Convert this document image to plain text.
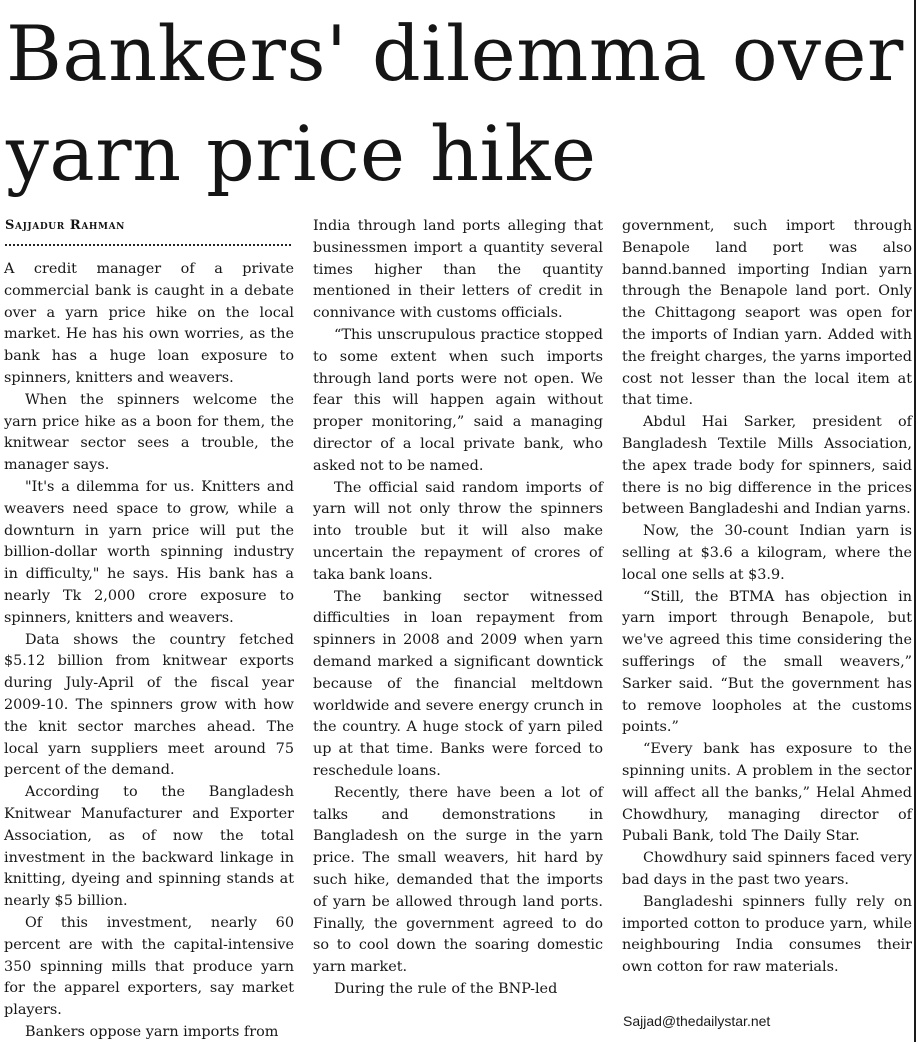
Bankers' dilemma over yarn price hike
Sajjadur Rahman

A credit manager of a private commercial bank is caught in a debate over a yarn price hike on the local market. He has his own worries, as the bank has a huge loan exposure to spinners, knitters and weavers.

When the spinners welcome the yarn price hike as a boon for them, the knitwear sector sees a trouble, the manager says.

"It's a dilemma for us. Knitters and weavers need space to grow, while a downturn in yarn price will put the billion-dollar worth spinning industry in difficulty," he says. His bank has a nearly Tk 2,000 crore exposure to spinners, knitters and weavers.

Data shows the country fetched $5.12 billion from knitwear exports during July-April of the fiscal year 2009-10. The spinners grow with how the knit sector marches ahead. The local yarn suppliers meet around 75 percent of the demand.

According to the Bangladesh Knitwear Manufacturer and Exporter Association, as of now the total investment in the backward linkage in knitting, dyeing and spinning stands at nearly $5 billion.

Of this investment, nearly 60 percent are with the capital-intensive 350 spinning mills that produce yarn for the apparel exporters, say market players.

Bankers oppose yarn imports from

India through land ports alleging that businessmen import a quantity several times higher than the quantity mentioned in their letters of credit in connivance with customs officials.

“This unscrupulous practice stopped to some extent when such imports through land ports were not open. We fear this will happen again without proper monitoring,” said a managing director of a local private bank, who asked not to be named.

The official said random imports of yarn will not only throw the spinners into trouble but it will also make uncertain the repayment of crores of taka bank loans.

The banking sector witnessed difficulties in loan repayment from spinners in 2008 and 2009 when yarn demand marked a significant downtick because of the financial meltdown worldwide and severe energy crunch in the country. A huge stock of yarn piled up at that time. Banks were forced to reschedule loans.

Recently, there have been a lot of talks and demonstrations in Bangladesh on the surge in the yarn price. The small weavers, hit hard by such hike, demanded that the imports of yarn be allowed through land ports. Finally, the government agreed to do so to cool down the soaring domestic yarn market.

During the rule of the BNP-led

government, such import through Benapole land port was also bannd.banned importing Indian yarn through the Benapole land port. Only the Chittagong seaport was open for the imports of Indian yarn. Added with the freight charges, the yarns imported cost not lesser than the local item at that time.

Abdul Hai Sarker, president of Bangladesh Textile Mills Association, the apex trade body for spinners, said there is no big difference in the prices between Bangladeshi and Indian yarns.

Now, the 30-count Indian yarn is selling at $3.6 a kilogram, where the local one sells at $3.9.

“Still, the BTMA has objection in yarn import through Benapole, but we've agreed this time considering the sufferings of the small weavers,” Sarker said. “But the government has to remove loopholes at the customs points.”

“Every bank has exposure to the spinning units. A problem in the sector will affect all the banks,” Helal Ahmed Chowdhury, managing director of Pubali Bank, told The Daily Star.

Chowdhury said spinners faced very bad days in the past two years.

Bangladeshi spinners fully rely on imported cotton to produce yarn, while neighbouring India consumes their own cotton for raw materials.

Sajjad@thedailystar.net
